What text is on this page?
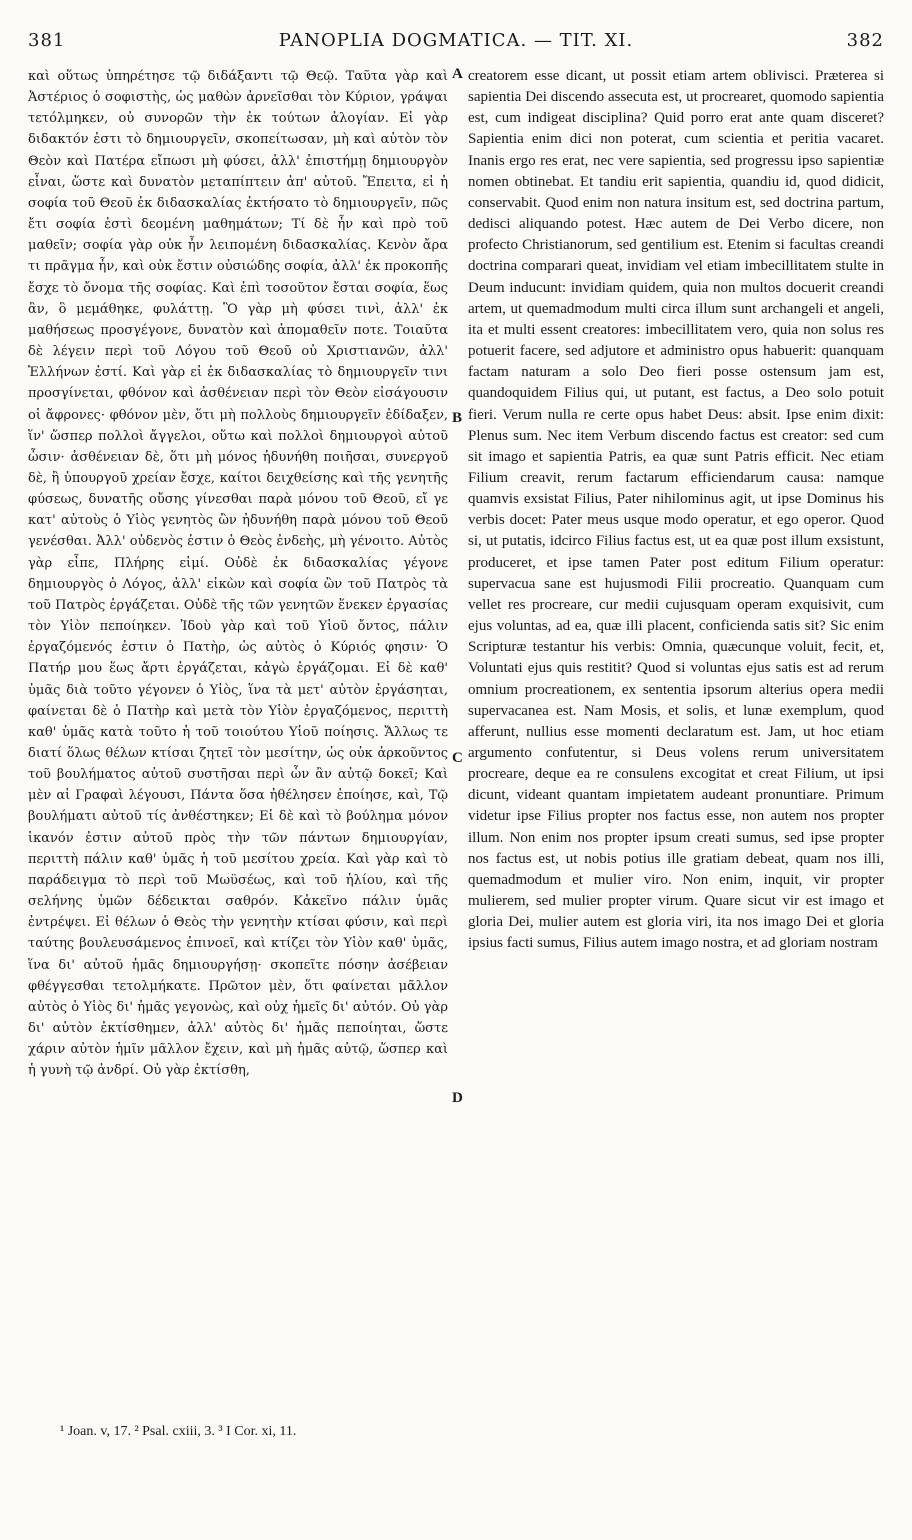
381	PANOPLIA DOGMATICA. — TIT. XI.	382

καὶ οὕτως ὑπηρέτησε τῷ διδάξαντι τῷ Θεῷ. Ταῦτα γὰρ καὶ Ἀστέριος ὁ σοφιστὴς, ὡς μαθὼν ἀρνεῖσθαι τὸν Κύριον, γράψαι τετόλμηκεν, οὐ συνορῶν τὴν ἐκ τούτων ἀλογίαν. Εἰ γὰρ διδακτόν ἐστι τὸ δημιουργεῖν, σκοπείτωσαν, μὴ καὶ αὐτὸν τὸν Θεὸν καὶ Πατέρα εἴπωσι μὴ φύσει, ἀλλ' ἐπιστήμῃ δημιουργὸν εἶναι, ὥστε καὶ δυνατὸν μεταπίπτειν ἀπ' αὐτοῦ. Ἔπειτα, εἰ ἡ σοφία τοῦ Θεοῦ ἐκ διδασκαλίας ἐκτήσατο τὸ δημιουργεῖν, πῶς ἔτι σοφία ἐστὶ δεομένη μαθημάτων; Τί δὲ ἦν καὶ πρὸ τοῦ μαθεῖν; σοφία γὰρ οὐκ ἦν λειπομένη διδασκαλίας. Κενὸν ἄρα τι πρᾶγμα ἦν, καὶ οὐκ ἔστιν οὐσιώδης σοφία, ἀλλ' ἐκ προκοπῆς ἔσχε τὸ ὄνομα τῆς σοφίας. Καὶ ἐπὶ τοσοῦτον ἔσται σοφία, ἕως ἂν, ὃ μεμάθηκε, φυλάττῃ. Ὃ γὰρ μὴ φύσει τινὶ, ἀλλ' ἐκ μαθήσεως προσγέγονε, δυνατὸν καὶ ἀπομαθεῖν ποτε. Τοιαῦτα δὲ λέγειν περὶ τοῦ Λόγου τοῦ Θεοῦ οὐ Χριστιανῶν, ἀλλ' Ἑλλήνων ἐστί. Καὶ γὰρ εἰ ἐκ διδασκαλίας τὸ δημιουργεῖν τινι προσγίνεται, φθόνον καὶ ἀσθένειαν περὶ τὸν Θεὸν εἰσάγουσιν οἱ ἄφρονες· φθόνον μὲν, ὅτι μὴ πολλοὺς δημιουργεῖν ἐδίδαξεν, ἵν' ὥσπερ πολλοὶ ἄγγελοι, οὕτω καὶ πολλοὶ δημιουργοὶ αὐτοῦ ὦσιν· ἀσθένειαν δὲ, ὅτι μὴ μόνος ἠδυνήθη ποιῆσαι, συνεργοῦ δὲ, ἢ ὑπουργοῦ χρείαν ἔσχε, καίτοι δειχθείσης καὶ τῆς γενητῆς φύσεως, δυνατῆς οὔσης γίνεσθαι παρὰ μόνου τοῦ Θεοῦ, εἴ γε κατ' αὐτοὺς ὁ Υἱὸς γενητὸς ὢν ἠδυνήθη παρὰ μόνου τοῦ Θεοῦ γενέσθαι. Ἀλλ' οὐδενὸς ἐστιν ὁ Θεὸς ἐνδεὴς, μὴ γένοιτο. Αὐτὸς γὰρ εἶπε, Πλήρης εἰμί. Οὐδὲ ἐκ διδασκαλίας γέγονε δημιουργὸς ὁ Λόγος, ἀλλ' εἰκὼν καὶ σοφία ὢν τοῦ Πατρὸς τὰ τοῦ Πατρὸς ἐργάζεται. Οὐδὲ τῆς τῶν γενητῶν ἕνεκεν ἐργασίας τὸν Υἱὸν πεποίηκεν. Ἰδοὺ γὰρ καὶ τοῦ Υἱοῦ ὄντος, πάλιν ἐργαζόμενός ἐστιν ὁ Πατὴρ, ὡς αὐτὸς ὁ Κύριός φησιν· Ὁ Πατήρ μου ἕως ἄρτι ἐργάζεται, κἀγὼ ἐργάζομαι. Εἰ δὲ καθ' ὑμᾶς διὰ τοῦτο γέγονεν ὁ Υἱὸς, ἵνα τὰ μετ' αὐτὸν ἐργάσηται, φαίνεται δὲ ὁ Πατὴρ καὶ μετὰ τὸν Υἱὸν ἐργαζόμενος, περιττὴ καθ' ὑμᾶς κατὰ τοῦτο ἡ τοῦ τοιούτου Υἱοῦ ποίησις. Ἄλλως τε διατί ὅλως θέλων κτίσαι ζητεῖ τὸν μεσίτην, ὡς οὐκ ἀρκοῦντος τοῦ βουλήματος αὐτοῦ συστῆσαι περὶ ὧν ἂν αὐτῷ δοκεῖ; Καὶ μὲν αἱ Γραφαὶ λέγουσι, Πάντα ὅσα ἠθέλησεν ἐποίησε, καὶ, Τῷ βουλήματι αὐτοῦ τίς ἀνθέστηκεν; Εἰ δὲ καὶ τὸ βούλημα μόνον ἱκανόν ἐστιν αὐτοῦ πρὸς τὴν τῶν πάντων δημιουργίαν, περιττὴ πάλιν καθ' ὑμᾶς ἡ τοῦ μεσίτου χρεία. Καὶ γὰρ καὶ τὸ παράδειγμα τὸ περὶ τοῦ Μωϋσέως, καὶ τοῦ ἡλίου, καὶ τῆς σελήνης ὑμῶν δέδεικται σαθρόν. Κἀκεῖνο πάλιν ὑμᾶς ἐντρέψει. Εἰ θέλων ὁ Θεὸς τὴν γενητὴν κτίσαι φύσιν, καὶ περὶ ταύτης βουλευσάμενος ἐπινοεῖ, καὶ κτίζει τὸν Υἱὸν καθ' ὑμᾶς, ἵνα δι' αὐτοῦ ἡμᾶς δημιουργήσῃ· σκοπεῖτε πόσην ἀσέβειαν φθέγγεσθαι τετολμήκατε. Πρῶτον μὲν, ὅτι φαίνεται μᾶλλον αὐτὸς ὁ Υἱὸς δι' ἡμᾶς γεγονὼς, καὶ οὐχ ἡμεῖς δι' αὐτόν. Οὐ γὰρ δι' αὐτὸν ἐκτίσθημεν, ἀλλ' αὐτὸς δι' ἡμᾶς πεποίηται, ὥστε χάριν αὐτὸν ἡμῖν μᾶλλον ἔχειν, καὶ μὴ ἡμᾶς αὐτῷ, ὥσπερ καὶ ἡ γυνὴ τῷ ἀνδρί. Οὐ γὰρ ἐκτίσθη,

A
B
C
D

creatorem esse dicant, ut possit etiam artem oblivisci. Præterea si sapientia Dei discendo assecuta est, ut procrearet, quomodo sapientia est, cum indigeat disciplina? Quid porro erat ante quam disceret? Sapientia enim dici non poterat, cum scientia et peritia vacaret. Inanis ergo res erat, nec vere sapientia, sed progressu ipso sapientiæ nomen obtinebat. Et tandiu erit sapientia, quandiu id, quod didicit, conservabit. Quod enim non natura insitum est, sed doctrina partum, dedisci aliquando potest. Hæc autem de Dei Verbo dicere, non profecto Christianorum, sed gentilium est. Etenim si facultas creandi doctrina comparari queat, invidiam vel etiam imbecillitatem stulte in Deum inducunt: invidiam quidem, quia non multos docuerit creandi artem, ut quemadmodum multi circa illum sunt archangeli et angeli, ita et multi essent creatores: imbecillitatem vero, quia non solus res potuerit facere, sed adjutore et administro opus habuerit: quanquam factam naturam a solo Deo fieri posse ostensum jam est, quandoquidem Filius qui, ut putant, est factus, a Deo solo potuit fieri. Verum nulla re certe opus habet Deus: absit. Ipse enim dixit: Plenus sum. Nec item Verbum discendo factus est creator: sed cum sit imago et sapientia Patris, ea quæ sunt Patris efficit. Nec etiam Filium creavit, rerum factarum efficiendarum causa: namque quamvis exsistat Filius, Pater nihilominus agit, ut ipse Dominus his verbis docet: Pater meus usque modo operatur, et ego operor. Quod si, ut putatis, idcirco Filius factus est, ut ea quæ post illum exsistunt, produceret, et ipse tamen Pater post editum Filium operatur: supervacua sane est hujusmodi Filii procreatio. Quanquam cum vellet res procreare, cur medii cujusquam operam exquisivit, cum ejus voluntas, ad ea, quæ illi placent, conficienda satis sit? Sic enim Scripturæ testantur his verbis: Omnia, quæcunque voluit, fecit, et, Voluntati ejus quis restitit? Quod si voluntas ejus satis est ad rerum omnium procreationem, ex sententia ipsorum alterius opera medii supervacanea est. Nam Mosis, et solis, et lunæ exemplum, quod afferunt, nullius esse momenti declaratum est. Jam, ut hoc etiam argumento confutentur, si Deus volens rerum universitatem procreare, deque ea re consulens excogitat et creat Filium, ut ipsi dicunt, videant quantam impietatem audeant pronuntiare. Primum videtur ipse Filius propter nos factus esse, non autem nos propter illum. Non enim nos propter ipsum creati sumus, sed ipse propter nos factus est, ut nobis potius ille gratiam debeat, quam nos illi, quemadmodum et mulier viro. Non enim, inquit, vir propter mulierem, sed mulier propter virum. Quare sicut vir est imago et gloria Dei, mulier autem est gloria viri, ita nos imago Dei et gloria ipsius facti sumus, Filius autem imago nostra, et ad gloriam nostram

¹ Joan. v, 17. ² Psal. cxiii, 3. ³ I Cor. xi, 11.
